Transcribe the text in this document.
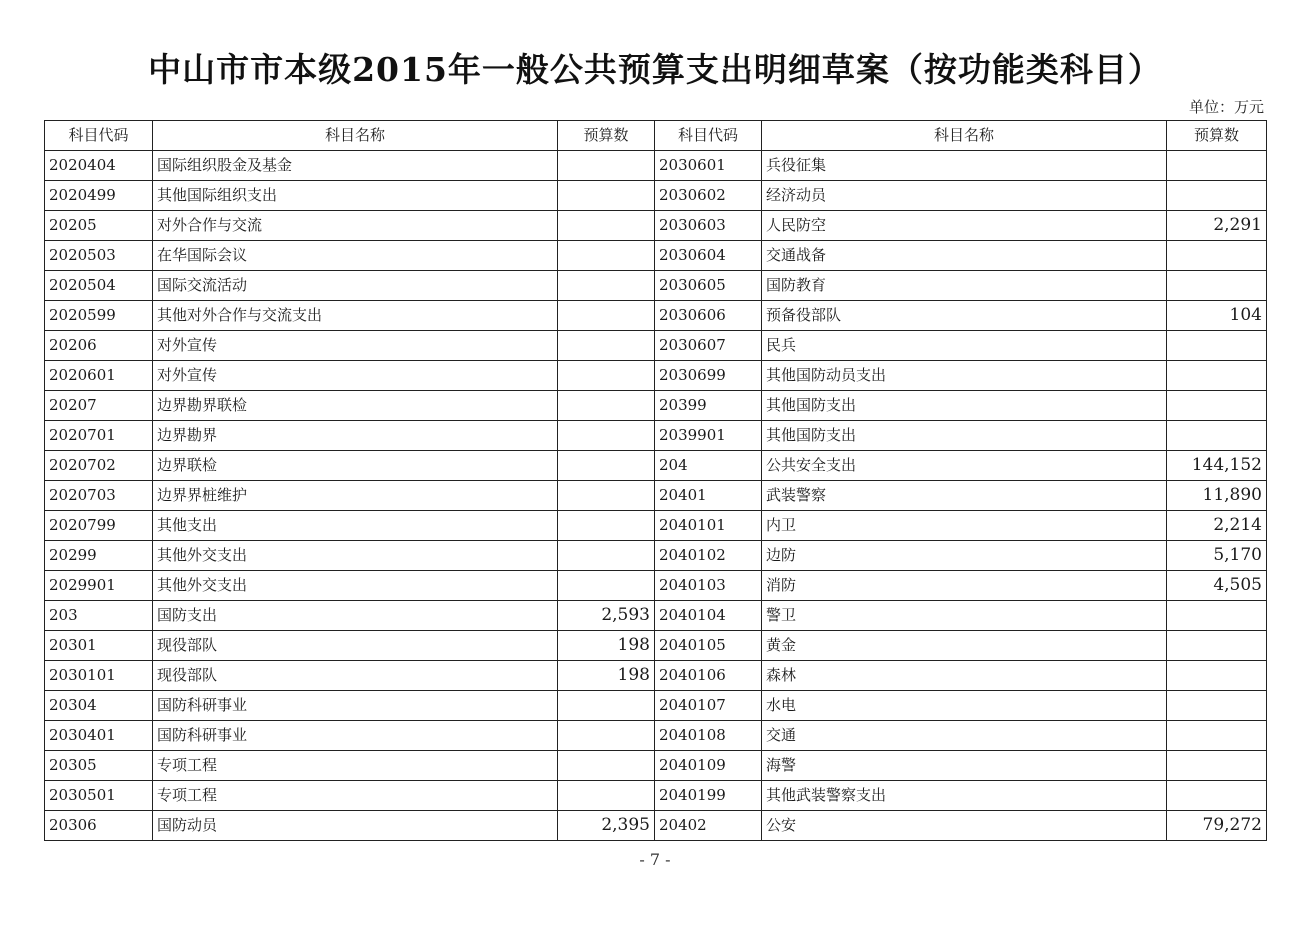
中山市市本级2015年一般公共预算支出明细草案（按功能类科目）
单位：万元
科目代码	科目名称	预算数	科目代码	科目名称	预算数
2020404	国际组织股金及基金		2030601	兵役征集	
2020499	其他国际组织支出		2030602	经济动员	
20205	对外合作与交流		2030603	人民防空	2,291
2020503	在华国际会议		2030604	交通战备	
2020504	国际交流活动		2030605	国防教育	
2020599	其他对外合作与交流支出		2030606	预备役部队	104
20206	对外宣传		2030607	民兵	
2020601	对外宣传		2030699	其他国防动员支出	
20207	边界勘界联检		20399	其他国防支出	
2020701	边界勘界		2039901	其他国防支出	
2020702	边界联检		204	公共安全支出	144,152
2020703	边界界桩维护		20401	武装警察	11,890
2020799	其他支出		2040101	内卫	2,214
20299	其他外交支出		2040102	边防	5,170
2029901	其他外交支出		2040103	消防	4,505
203	国防支出	2,593	2040104	警卫	
20301	现役部队	198	2040105	黄金	
2030101	现役部队	198	2040106	森林	
20304	国防科研事业		2040107	水电	
2030401	国防科研事业		2040108	交通	
20305	专项工程		2040109	海警	
2030501	专项工程		2040199	其他武装警察支出	
20306	国防动员	2,395	20402	公安	79,272
- 7 -
